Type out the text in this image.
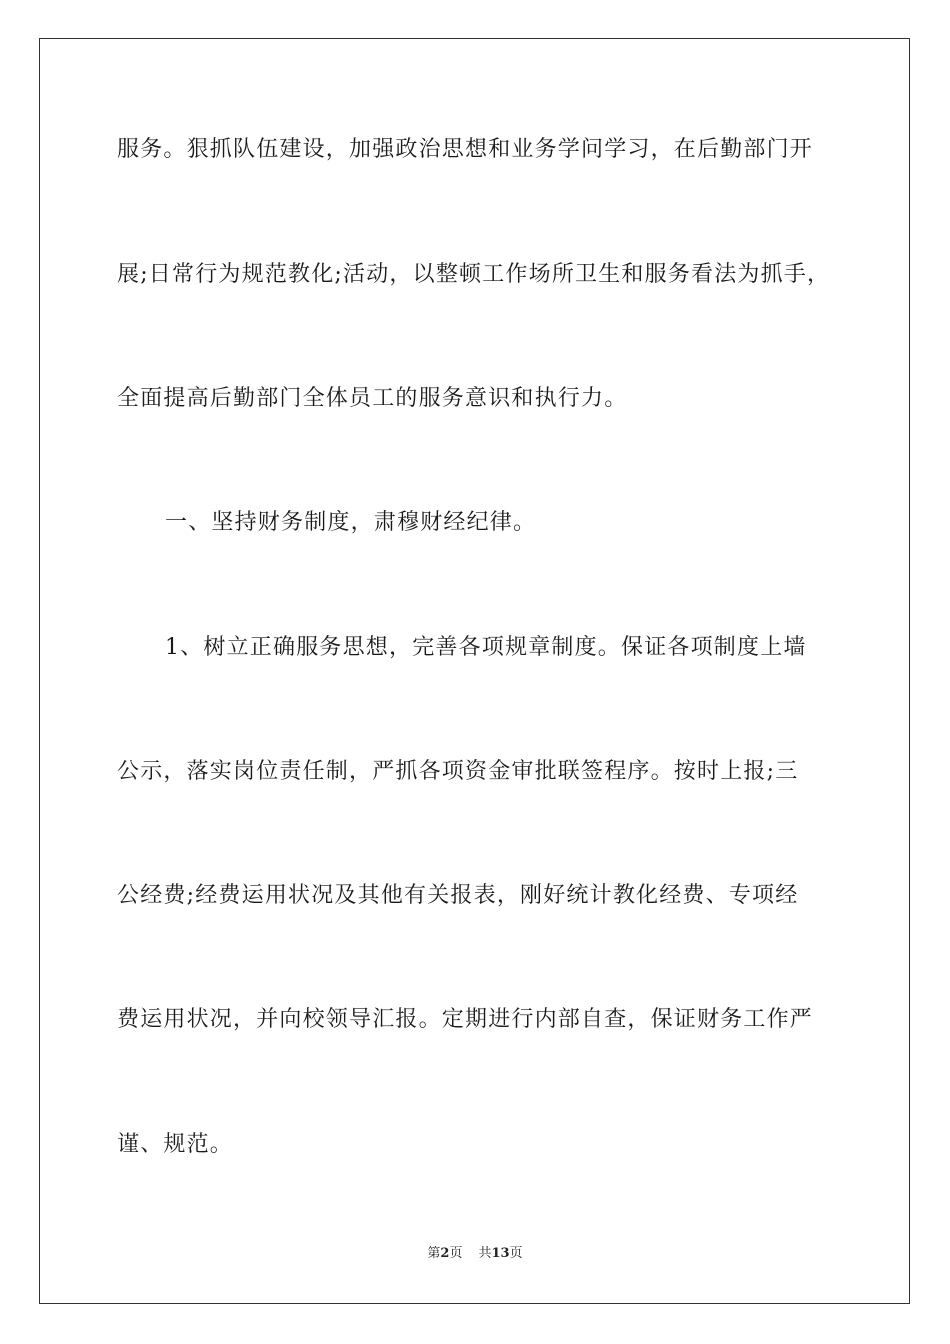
服务。狠抓队伍建设，加强政治思想和业务学问学习，在后勤部门开
展;日常行为规范教化;活动，以整顿工作场所卫生和服务看法为抓手，
全面提高后勤部门全体员工的服务意识和执行力。
一、坚持财务制度，肃穆财经纪律。
1、树立正确服务思想，完善各项规章制度。保证各项制度上墙
公示，落实岗位责任制，严抓各项资金审批联签程序。按时上报;三
公经费;经费运用状况及其他有关报表，刚好统计教化经费、专项经
费运用状况，并向校领导汇报。定期进行内部自查，保证财务工作严
谨、规范。
第2页 共13页
